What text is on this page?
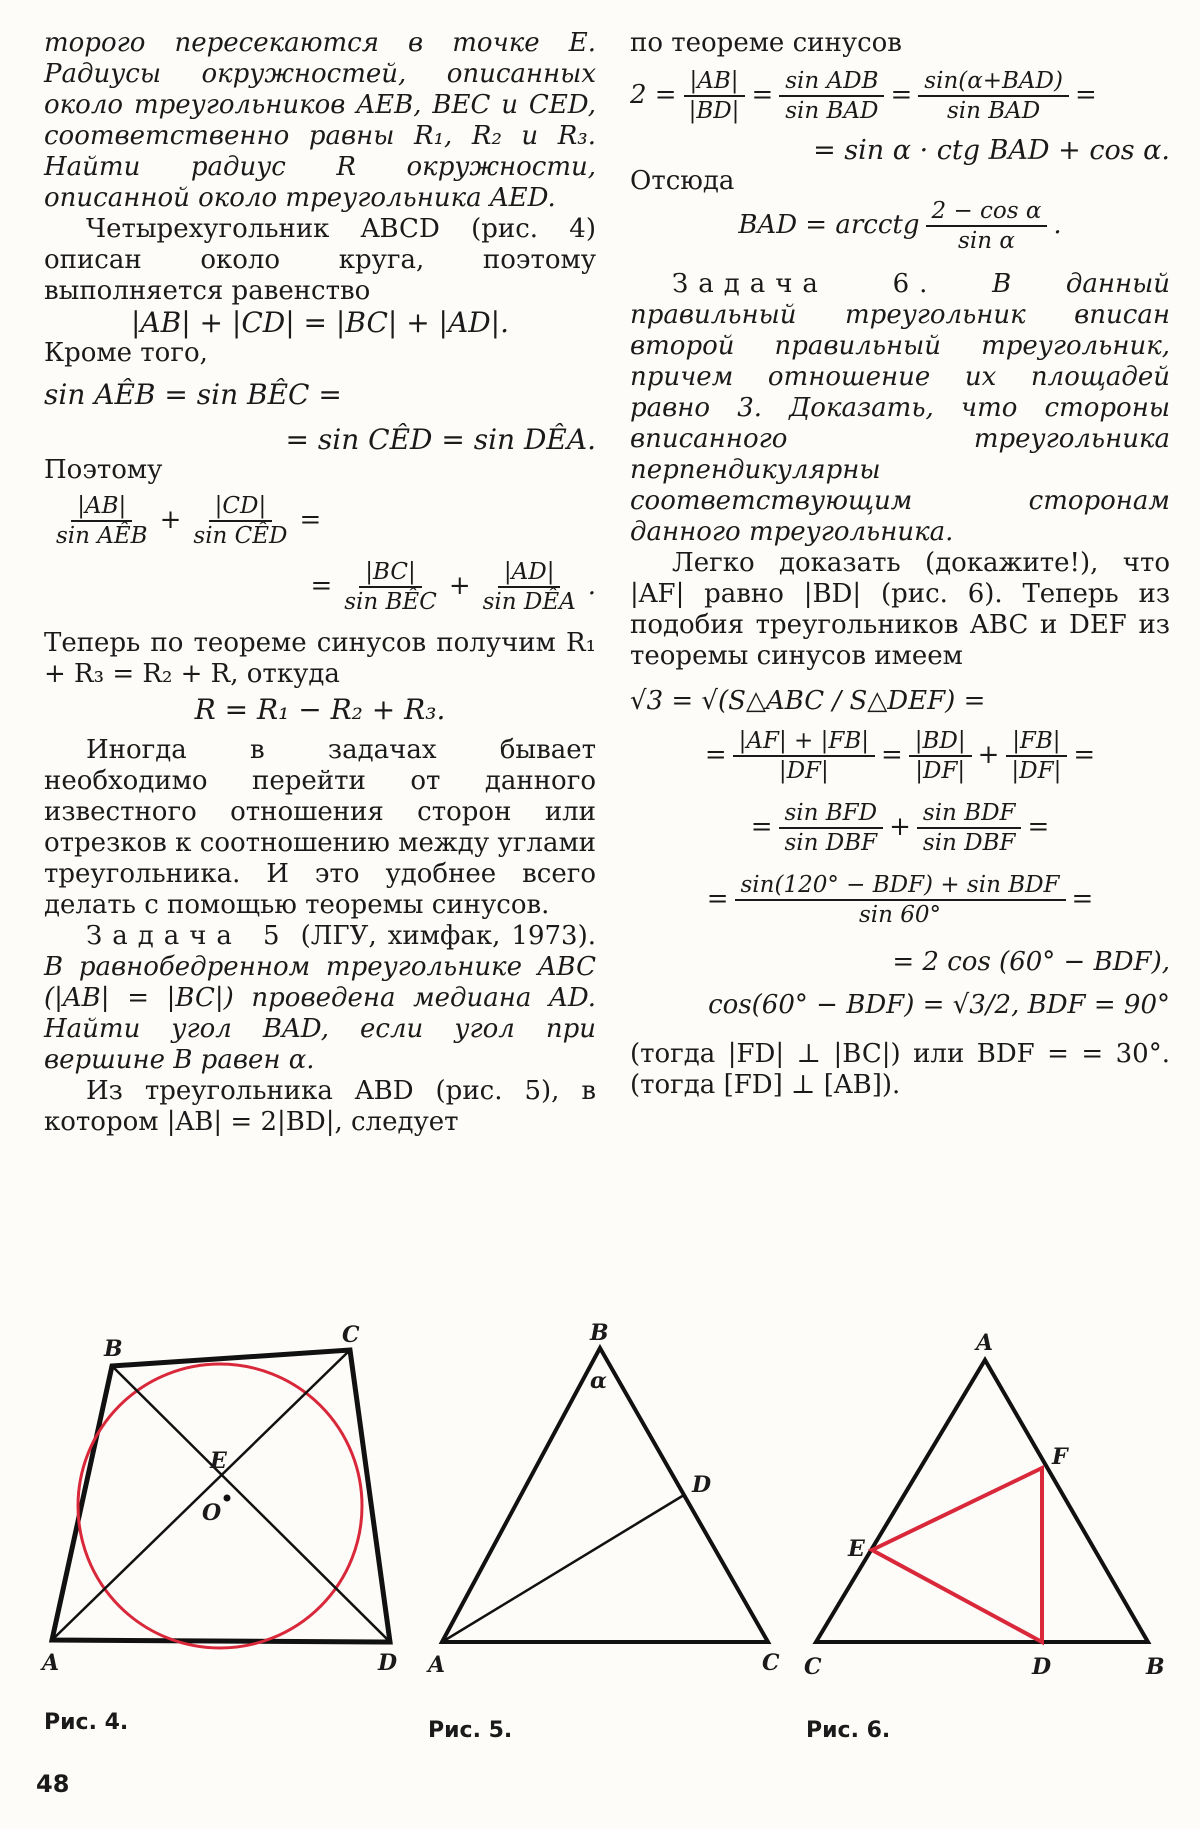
торого пересекаются в точке E. Радиусы окружностей, описанных около треугольников AEB, BEC и CED, соответственно равны R₁, R₂ и R₃. Найти радиус R окружности, описанной около треугольника AED.

Четырехугольник ABCD (рис. 4) описан около круга, поэтому выполняется равенство

|AB| + |CD| = |BC| + |AD|.

Кроме того,

sin AÊB = sin BÊC =

= sin CÊD = sin DÊA.

Поэтому

$\frac{|AB|}{\text{sin AÊB}} + \frac{|CD|}{\text{sin CÊD}}$ =
= $\frac{|BC|}{\text{sin BÊC}} + \frac{|AD|}{\text{sin DÊA}}$ .

Теперь по теореме синусов получим R₁ + R₃ = R₂ + R, откуда

R = R₁ − R₂ + R₃.

Иногда в задачах бывает необходимо перейти от данного известного отношения сторон или отрезков к соотношению между углами треугольника. И это удобнее всего делать с помощью теоремы синусов.

Задача 5 (ЛГУ, химфак, 1973). В равнобедренном треугольнике ABC (|AB| = |BC|) проведена медиана AD. Найти угол BAD, если угол при вершине B равен α.

Из треугольника ABD (рис. 5), в котором |AB| = 2|BD|, следует

по теореме синусов

$2 = \frac{|AB|}{|BD|} = \frac{\text{sin ADB}}{\text{sin BAD}} = \frac{\text{sin(α+BAD)}}{\text{sin BAD}}$ =

= sin α · ctg BAD + cos α.

Отсюда

BAD = arcctg $\frac{\text{2 − cos α}}{\text{sin α}}$ .

Задача 6. В данный правильный треугольник вписан второй правильный треугольник, причем отношение их площадей равно 3. Доказать, что стороны вписанного треугольника перпендикулярны соответствующим сторонам данного треугольника.

Легко доказать (докажите!), что |AF| равно |BD| (рис. 6). Теперь из подобия треугольников ABC и DEF из теоремы синусов имеем

√3 = √(S△ABC / S△DEF) =

= $\frac{|AF| + |FB|}{|DF|} = \frac{|BD|}{|DF|} + \frac{|FB|}{|DF|}$ =
= $\frac{\text{sin BFD}}{\text{sin DBF}} + \frac{\text{sin BDF}}{\text{sin DBF}}$ =
= $\frac{\text{sin(120° − BDF) + sin BDF}}{\sin 60^\circ}$ =

= 2 cos (60° − BDF),

cos(60° − BDF) = √3/2, BDF = 90°

(тогда |FD| ⊥ |BC|) или BDF = = 30°. (тогда [FD] ⊥ [AB]).

A
B
C
D
E
O
Рис. 4.
A
B
C
D
α
Рис. 5.
A
B
C	D
E
F
Рис. 6.
48
